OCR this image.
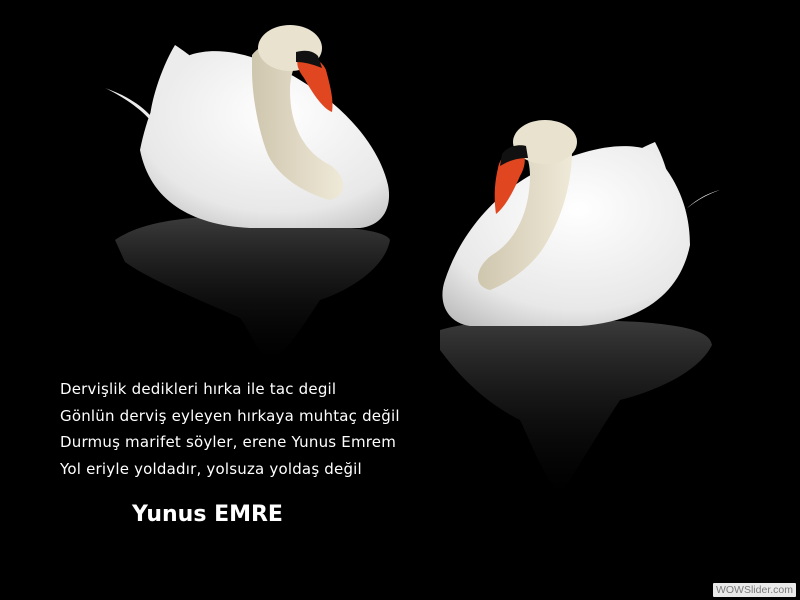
Dervişlik dedikleri hırka ile tac degil
Gönlün derviş eyleyen hırkaya muhtaç değil
Durmuş marifet söyler, erene Yunus Emrem
Yol eriyle yoldadır, yolsuza yoldaş değil
Yunus EMRE
WOWSlider.com
